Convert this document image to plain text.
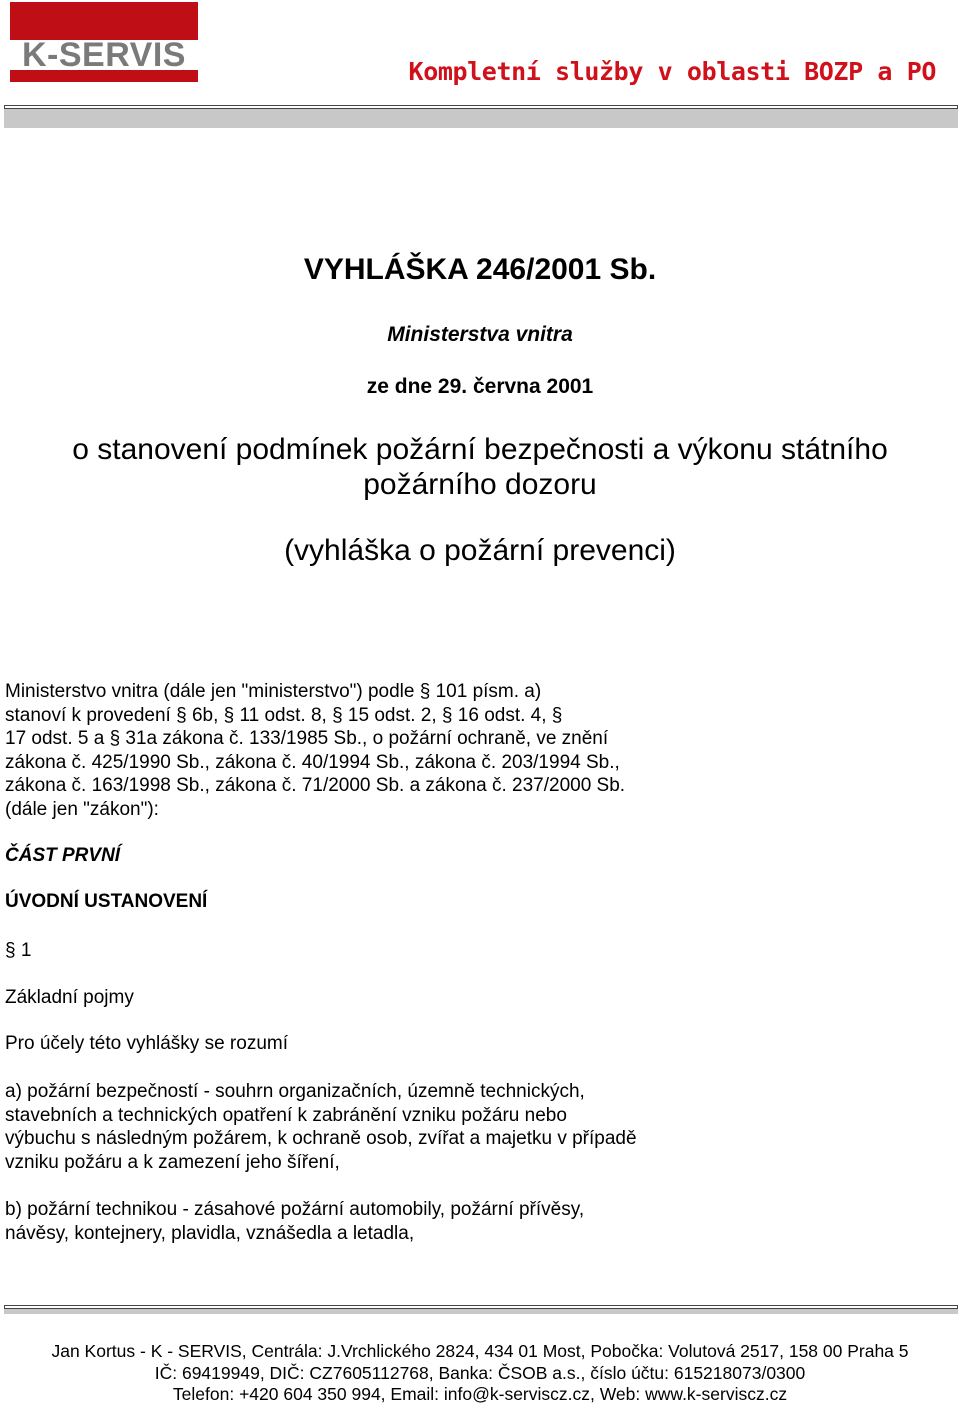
K-SERVIS	Kompletní služby v oblasti BOZP a PO
VYHLÁŠKA 246/2001 Sb.
Ministerstva vnitra
ze dne 29. června 2001
o stanovení podmínek požární bezpečnosti a výkonu státního
požárního dozoru
(vyhláška o požární prevenci)
Ministerstvo vnitra (dále jen "ministerstvo") podle § 101 písm. a)
stanoví k provedení § 6b, § 11 odst. 8, § 15 odst. 2, § 16 odst. 4, §
17 odst. 5 a § 31a zákona č. 133/1985 Sb., o požární ochraně, ve znění
zákona č. 425/1990 Sb., zákona č. 40/1994 Sb., zákona č. 203/1994 Sb.,
zákona č. 163/1998 Sb., zákona č. 71/2000 Sb. a zákona č. 237/2000 Sb.
(dále jen "zákon"):
ČÁST PRVNÍ
ÚVODNÍ USTANOVENÍ
§ 1
Základní pojmy
Pro účely této vyhlášky se rozumí
a) požární bezpečností - souhrn organizačních, územně technických,
stavebních a technických opatření k zabránění vzniku požáru nebo
výbuchu s následným požárem, k ochraně osob, zvířat a majetku v případě
vzniku požáru a k zamezení jeho šíření,
b) požární technikou - zásahové požární automobily, požární přívěsy,
návěsy, kontejnery, plavidla, vznášedla a letadla,
Jan Kortus - K - SERVIS, Centrála: J.Vrchlického 2824, 434 01 Most, Pobočka: Volutová 2517, 158 00 Praha 5
IČ: 69419949, DIČ: CZ7605112768, Banka: ČSOB a.s., číslo účtu: 615218073/0300
Telefon: +420 604 350 994, Email: info@k-serviscz.cz, Web: www.k-serviscz.cz
